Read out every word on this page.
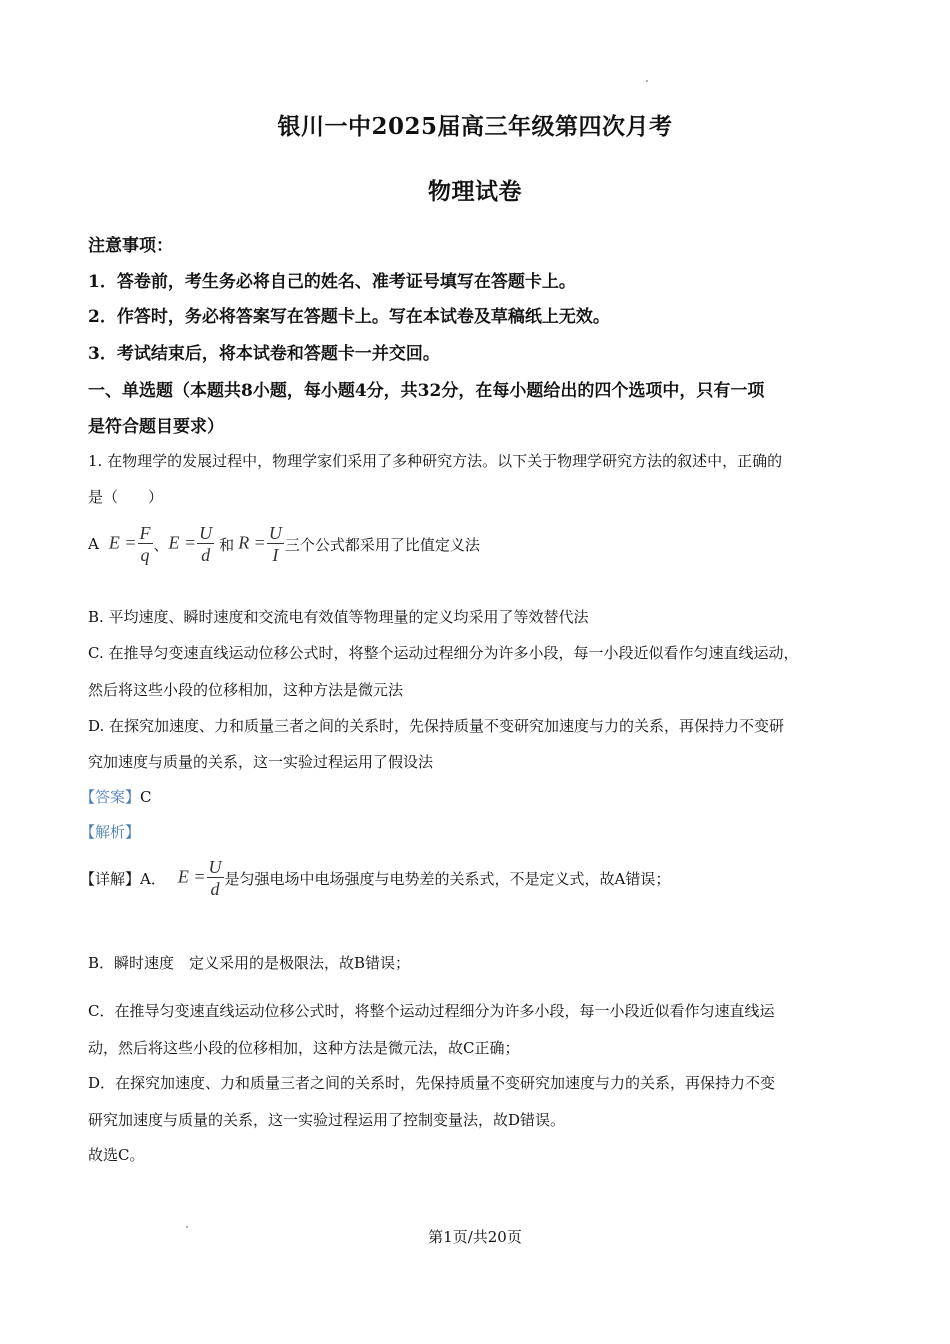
银川一中2025届高三年级第四次月考
物理试卷
注意事项：
1．答卷前，考生务必将自己的姓名、准考证号填写在答题卡上。
2．作答时，务必将答案写在答题卡上。写在本试卷及草稿纸上无效。
3．考试结束后，将本试卷和答题卡一并交回。
一、单选题（本题共8小题，每小题4分，共32分，在每小题给出的四个选项中，只有一项
是符合题目要求）
1. 在物理学的发展过程中，物理学家们采用了多种研究方法。以下关于物理学研究方法的叙述中，正确的
是（　　）
A $E = \frac{F}{q}$ 、 $E = \frac{U}{d}$ 和 $R = \frac{U}{I}$ 三个公式都采用了比值定义法
B. 平均速度、瞬时速度和交流电有效值等物理量的定义均采用了等效替代法
C. 在推导匀变速直线运动位移公式时，将整个运动过程细分为许多小段，每一小段近似看作匀速直线运动，
然后将这些小段的位移相加，这种方法是微元法
D. 在探究加速度、力和质量三者之间的关系时，先保持质量不变研究加速度与力的关系，再保持力不变研
究加速度与质量的关系，这一实验过程运用了假设法
【答案】C
【解析】
【详解】 A． $E = \frac{U}{d}$ 是匀强电场中电场强度与电势差的关系式，不是定义式，故A错误；
B．瞬时速度　定义采用的是极限法，故B错误；
C．在推导匀变速直线运动位移公式时，将整个运动过程细分为许多小段，每一小段近似看作匀速直线运
动，然后将这些小段的位移相加，这种方法是微元法，故C正确；
D．在探究加速度、力和质量三者之间的关系时，先保持质量不变研究加速度与力的关系，再保持力不变
研究加速度与质量的关系，这一实验过程运用了控制变量法，故D错误。
故选C。
第1页/共20页
